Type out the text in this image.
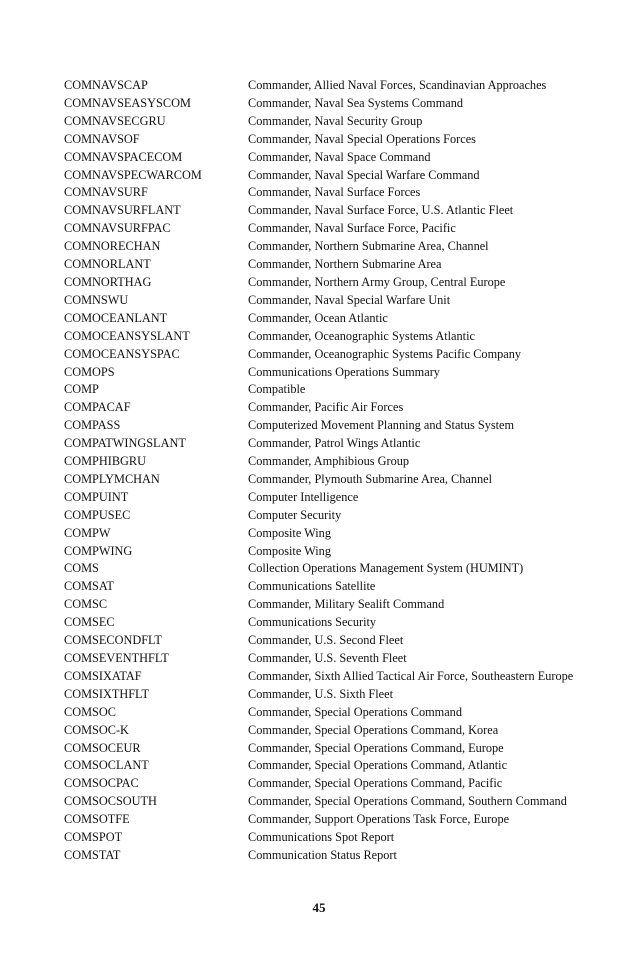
COMNAVSCAP	Commander, Allied Naval Forces, Scandinavian Approaches
COMNAVSEASYSCOM	Commander, Naval Sea Systems Command
COMNAVSECGRU	Commander, Naval Security Group
COMNAVSOF	Commander, Naval Special Operations Forces
COMNAVSPACECOM	Commander, Naval Space Command
COMNAVSPECWARCOM	Commander, Naval Special Warfare Command
COMNAVSURF	Commander, Naval Surface Forces
COMNAVSURFLANT	Commander, Naval Surface Force, U.S. Atlantic Fleet
COMNAVSURFPAC	Commander, Naval Surface Force, Pacific
COMNORECHAN	Commander, Northern Submarine Area, Channel
COMNORLANT	Commander, Northern Submarine Area
COMNORTHAG	Commander, Northern Army Group, Central Europe
COMNSWU	Commander, Naval Special Warfare Unit
COMOCEANLANT	Commander, Ocean Atlantic
COMOCEANSYSLANT	Commander, Oceanographic Systems Atlantic
COMOCEANSYSPAC	Commander, Oceanographic Systems Pacific Company
COMOPS	Communications Operations Summary
COMP	Compatible
COMPACAF	Commander, Pacific Air Forces
COMPASS	Computerized Movement Planning and Status System
COMPATWINGSLANT	Commander, Patrol Wings Atlantic
COMPHIBGRU	Commander, Amphibious Group
COMPLYMCHAN	Commander, Plymouth Submarine Area, Channel
COMPUINT	Computer Intelligence
COMPUSEC	Computer Security
COMPW	Composite Wing
COMPWING	Composite Wing
COMS	Collection Operations Management System (HUMINT)
COMSAT	Communications Satellite
COMSC	Commander, Military Sealift Command
COMSEC	Communications Security
COMSECONDFLT	Commander, U.S. Second Fleet
COMSEVENTHFLT	Commander, U.S. Seventh Fleet
COMSIXATAF	Commander, Sixth Allied Tactical Air Force, Southeastern Europe
COMSIXTHFLT	Commander, U.S. Sixth Fleet
COMSOC	Commander, Special Operations Command
COMSOC-K	Commander, Special Operations Command, Korea
COMSOCEUR	Commander, Special Operations Command, Europe
COMSOCLANT	Commander, Special Operations Command, Atlantic
COMSOCPAC	Commander, Special Operations Command, Pacific
COMSOCSOUTH	Commander, Special Operations Command, Southern Command
COMSOTFE	Commander, Support Operations Task Force, Europe
COMSPOT	Communications Spot Report
COMSTAT	Communication Status Report
45
